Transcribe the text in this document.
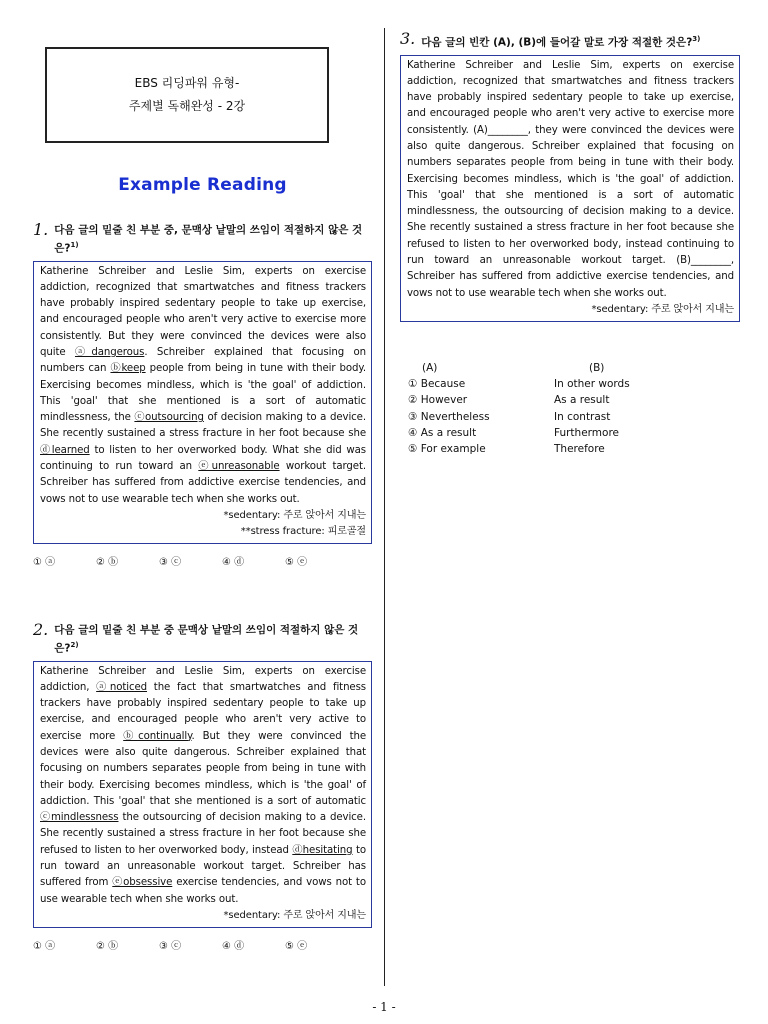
EBS 리딩파워 유형-
주제별 독해완성 - 2강
Example Reading
1. 다음 글의 밑줄 친 부분 중, 문맥상 낱말의 쓰임이 적절하지 않은 것은?$^{1)}$
Katherine Schreiber and Leslie Sim, experts on exercise addiction, recognized that smartwatches and fitness trackers have probably inspired sedentary people to take up exercise, and encouraged people who aren't very active to exercise more consistently. But they were convinced the devices were also quite ⓐdangerous. Schreiber explained that focusing on numbers can ⓑkeep people from being in tune with their body. Exercising becomes mindless, which is 'the goal' of addiction. This 'goal' that she mentioned is a sort of automatic mindlessness, the ⓒoutsourcing of decision making to a device. She recently sustained a stress fracture in her foot because she ⓓlearned to listen to her overworked body. What she did was continuing to run toward an ⓔunreasonable workout target. Schreiber has suffered from addictive exercise tendencies, and vows not to use wearable tech when she works out.
*sedentary: 주로 앉아서 지내는
**stress fracture: 피로골절
① ⓐ	② ⓑ	③ ⓒ	④ ⓓ	⑤ ⓔ
2. 다음 글의 밑줄 친 부분 중 문맥상 낱말의 쓰임이 적절하지 않은 것은?$^{2)}$
Katherine Schreiber and Leslie Sim, experts on exercise addiction, ⓐnoticed the fact that smartwatches and fitness trackers have probably inspired sedentary people to take up exercise, and encouraged people who aren't very active to exercise more ⓑcontinually. But they were convinced the devices were also quite dangerous. Schreiber explained that focusing on numbers separates people from being in tune with their body. Exercising becomes mindless, which is 'the goal' of addiction. This 'goal' that she mentioned is a sort of automatic ⓒmindlessness the outsourcing of decision making to a device. She recently sustained a stress fracture in her foot because she refused to listen to her overworked body, instead ⓓhesitating to run toward an unreasonable workout target. Schreiber has suffered from ⓔobsessive exercise tendencies, and vows not to use wearable tech when she works out.
*sedentary: 주로 앉아서 지내는
① ⓐ	② ⓑ	③ ⓒ	④ ⓓ	⑤ ⓔ
3. 다음 글의 빈칸 (A), (B)에 들어갈 말로 가장 적절한 것은?$^{3)}$
Katherine Schreiber and Leslie Sim, experts on exercise addiction, recognized that smartwatches and fitness trackers have probably inspired sedentary people to take up exercise, and encouraged people who aren't very active to exercise more consistently. (A)________, they were convinced the devices were also quite dangerous. Schreiber explained that focusing on numbers separates people from being in tune with their body. Exercising becomes mindless, which is 'the goal' of addiction. This 'goal' that she mentioned is a sort of automatic mindlessness, the outsourcing of decision making to a device. She recently sustained a stress fracture in her foot because she refused to listen to her overworked body, instead continuing to run toward an unreasonable workout target. (B)________, Schreiber has suffered from addictive exercise tendencies, and vows not to use wearable tech when she works out.
*sedentary: 주로 앉아서 지내는
(A)	(B)
① Because	In other words
② However	As a result
③ Nevertheless	In contrast
④ As a result	Furthermore
⑤ For example	Therefore
- 1 -
